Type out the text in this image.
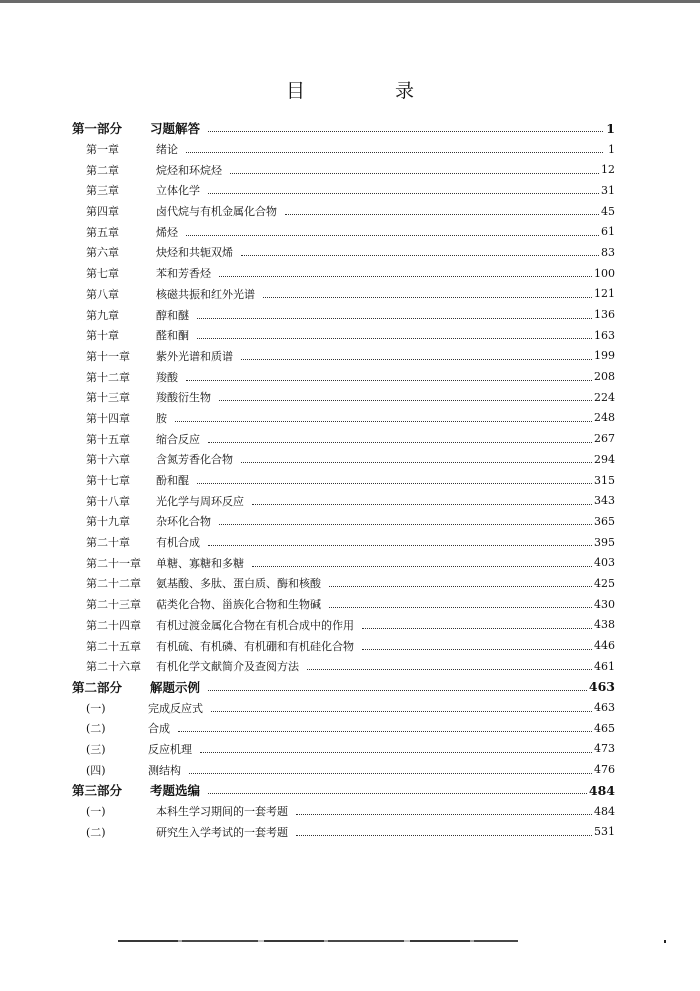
目 录
第一部分	习题解答	1
第一章	绪论	1
第二章	烷烃和环烷烃	12
第三章	立体化学	31
第四章	卤代烷与有机金属化合物	45
第五章	烯烃	61
第六章	炔烃和共轭双烯	83
第七章	苯和芳香烃	100
第八章	核磁共振和红外光谱	121
第九章	醇和醚	136
第十章	醛和酮	163
第十一章	紫外光谱和质谱	199
第十二章	羧酸	208
第十三章	羧酸衍生物	224
第十四章	胺	248
第十五章	缩合反应	267
第十六章	含氮芳香化合物	294
第十七章	酚和醌	315
第十八章	光化学与周环反应	343
第十九章	杂环化合物	365
第二十章	有机合成	395
第二十一章	单糖、寡糖和多糖	403
第二十二章	氨基酸、多肽、蛋白质、酶和核酸	425
第二十三章	萜类化合物、甾族化合物和生物碱	430
第二十四章	有机过渡金属化合物在有机合成中的作用	438
第二十五章	有机硫、有机磷、有机硼和有机硅化合物	446
第二十六章	有机化学文献简介及查阅方法	461
第二部分	解题示例	463
(一)	完成反应式	463
(二)	合成	465
(三)	反应机理	473
(四)	测结构	476
第三部分	考题选编	484
(一)	本科生学习期间的一套考题	484
(二)	研究生入学考试的一套考题	531
